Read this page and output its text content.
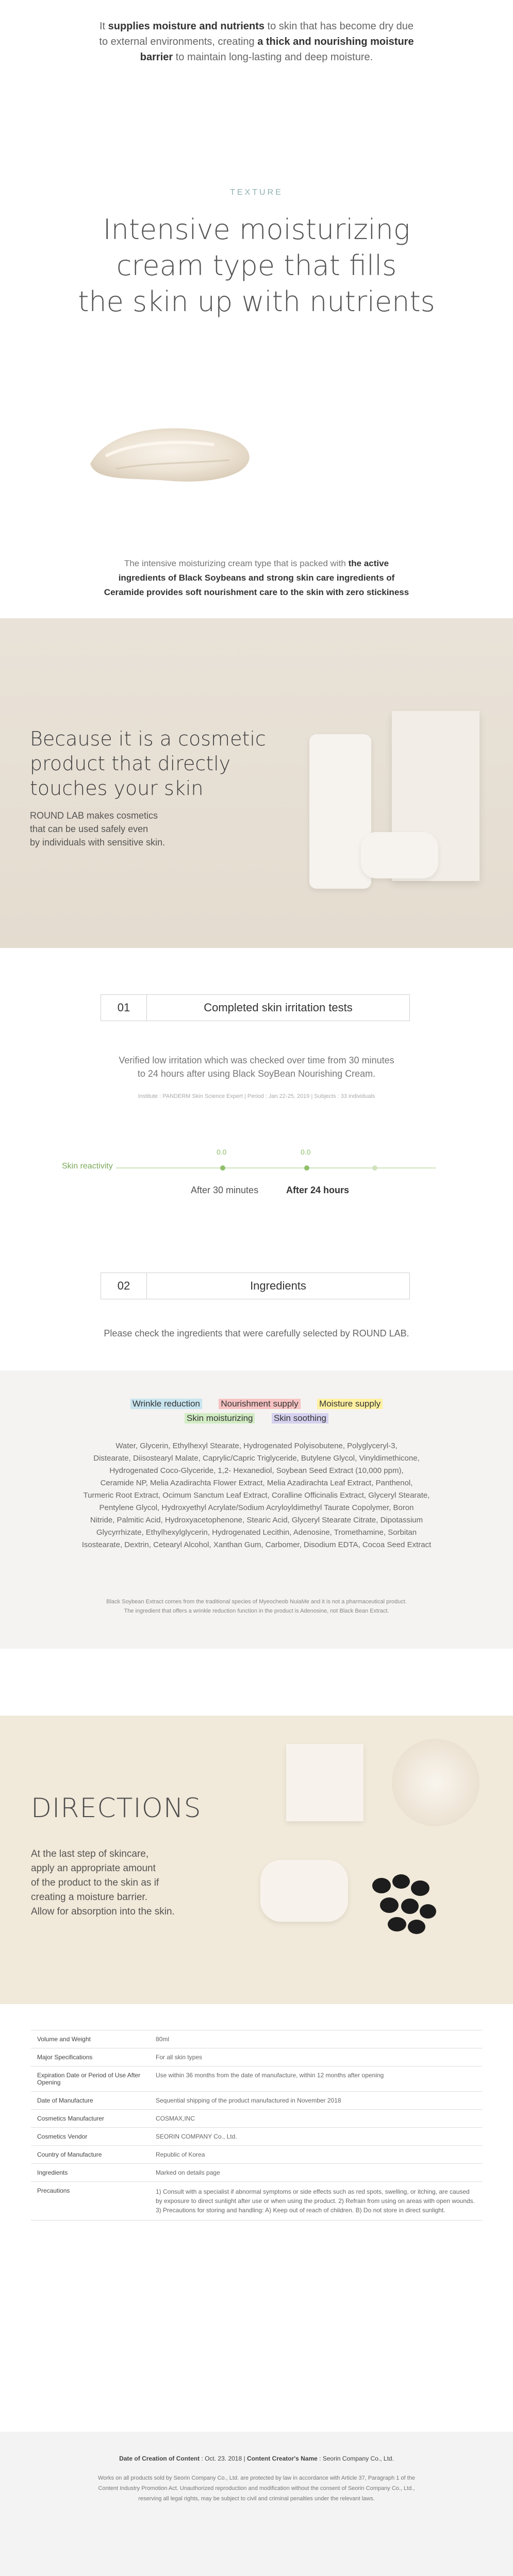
It supplies moisture and nutrients to skin that has become dry due

to external environments, creating a thick and nourishing moisture

barrier to maintain long-lasting and deep moisture.

TEXTURE
Intensive moisturizing
cream type that fills
the skin up with nutrients
The intensive moisturizing cream type that is packed with the active
ingredients of Black Soybeans and strong skin care ingredients of
Ceramide provides soft nourishment care to the skin with zero stickiness
Because it is a cosmetic
product that directly
touches your skin

ROUND LAB makes cosmetics
that can be used safely even
by individuals with sensitive skin.

01	Completed skin irritation tests
Verified low irritation which was checked over time from 30 minutes
to 24 hours after using Black SoyBean Nourishing Cream.
Institute : PANDERM Skin Science Expert | Period : Jan 22-25, 2019 | Subjects : 33 individuals
Skin reactivity
0.0	0.0
After 30 minutes	After 24 hours
02	Ingredients
Please check the ingredients that were carefully selected by ROUND LAB.
Wrinkle reduction Nourishment supply Moisture supply
Skin moisturizing Skin soothing
Water, Glycerin, Ethylhexyl Stearate, Hydrogenated Polyisobutene, Polyglyceryl-3,
Distearate, Diisostearyl Malate, Caprylic/Capric Triglyceride, Butylene Glycol, Vinyldimethicone,
Hydrogenated Coco-Glyceride, 1,2- Hexanediol, Soybean Seed Extract (10,000 ppm),
Ceramide NP, Melia Azadirachta Flower Extract, Melia Azadirachta Leaf Extract, Panthenol,
Turmeric Root Extract, Ocimum Sanctum Leaf Extract, Coralline Officinalis Extract, Glyceryl Stearate,
Pentylene Glycol, Hydroxyethyl Acrylate/Sodium Acryloyldimethyl Taurate Copolymer, Boron
Nitride, Palmitic Acid, Hydroxyacetophenone, Stearic Acid, Glyceryl Stearate Citrate, Dipotassium
Glycyrrhizate, Ethylhexylglycerin, Hydrogenated Lecithin, Adenosine, Tromethamine, Sorbitan
Isostearate, Dextrin, Cetearyl Alcohol, Xanthan Gum, Carbomer, Disodium EDTA, Cocoa Seed Extract
Black Soybean Extract comes from the traditional species of Myeocheob NuiaMe and it is not a pharmaceutical product.
The ingredient that offers a wrinkle reduction function in the product is Adenosine, not Black Bean Extract.
DIRECTIONS

At the last step of skincare,
apply an appropriate amount
of the product to the skin as if
creating a moisture barrier.
Allow for absorption into the skin.

Volume and Weight	80ml
Major Specifications	For all skin types
Expiration Date or Period of Use After Opening	Use within 36 months from the date of manufacture, within 12 months after opening
Date of Manufacture	Sequential shipping of the product manufactured in November 2018
Cosmetics Manufacturer	COSMAX,INC
Cosmetics Vendor	SEORIN COMPANY Co., Ltd.
Country of Manufacture	Republic of Korea
Ingredients	Marked on details page
Precautions	1) Consult with a specialist if abnormal symptoms or side effects such as red spots, swelling, or itching, are caused by exposure to direct sunlight after use or when using the product. 2) Refrain from using on areas with open wounds. 3) Precautions for storing and handling: A) Keep out of reach of children. B) Do not store in direct sunlight.
Date of Creation of Content : Oct. 23. 2018 | Content Creator's Name : Seorin Company Co., Ltd.
Works on all products sold by Seorin Company Co., Ltd. are protected by law in accordance with Article 37, Paragraph 1 of the Content Industry Promotion Act. Unauthorized reproduction and modification without the consent of Seorin Company Co., Ltd., reserving all legal rights, may be subject to civil and criminal penalties under the relevant laws.
